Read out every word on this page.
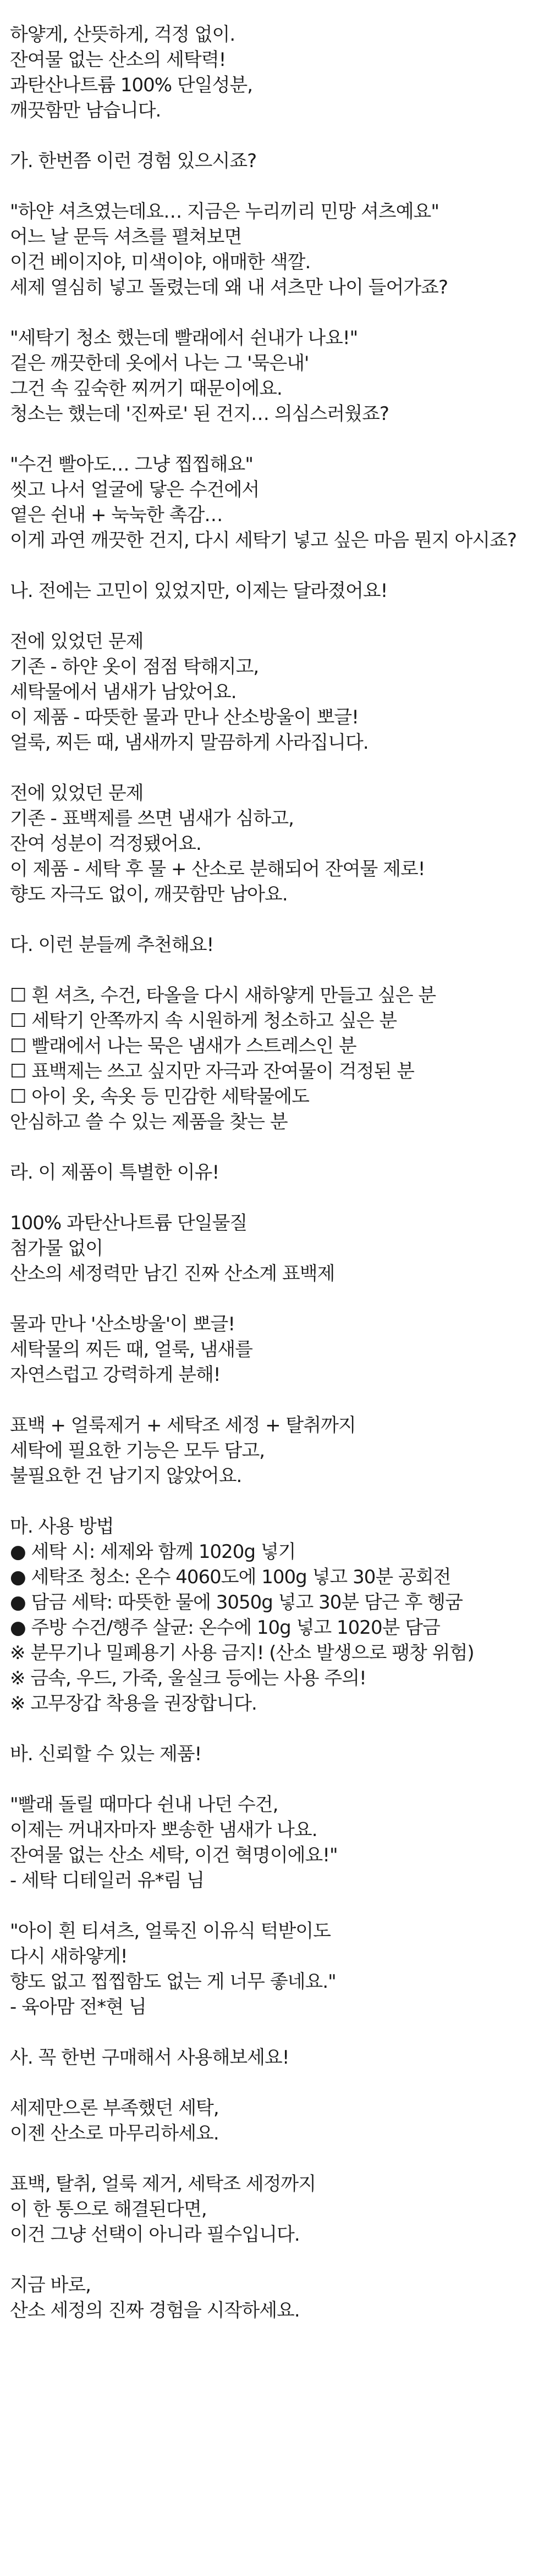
하얗게, 산뜻하게, 걱정 없이.
잔여물 없는 산소의 세탁력!
과탄산나트륨 100% 단일성분,
깨끗함만 남습니다.

가. 한번쯤 이런 경험 있으시죠?

"하얀 셔츠였는데요… 지금은 누리끼리 민망 셔츠예요"
어느 날 문득 셔츠를 펼쳐보면
이건 베이지야, 미색이야, 애매한 색깔.
세제 열심히 넣고 돌렸는데 왜 내 셔츠만 나이 들어가죠?

"세탁기 청소 했는데 빨래에서 쉰내가 나요!"
겉은 깨끗한데 옷에서 나는 그 '묵은내'
그건 속 깊숙한 찌꺼기 때문이에요.
청소는 했는데 '진짜로' 된 건지… 의심스러웠죠?

"수건 빨아도… 그냥 찝찝해요"
씻고 나서 얼굴에 닿은 수건에서
옅은 쉰내 + 눅눅한 촉감…
이게 과연 깨끗한 건지, 다시 세탁기 넣고 싶은 마음 뭔지 아시죠?

나. 전에는 고민이 있었지만, 이제는 달라졌어요!

전에 있었던 문제
기존 - 하얀 옷이 점점 탁해지고,
세탁물에서 냄새가 남았어요.
이 제품 - 따뜻한 물과 만나 산소방울이 뽀글!
얼룩, 찌든 때, 냄새까지 말끔하게 사라집니다.

전에 있었던 문제
기존 - 표백제를 쓰면 냄새가 심하고,
잔여 성분이 걱정됐어요.
이 제품 - 세탁 후 물 + 산소로 분해되어 잔여물 제로!
향도 자극도 없이, 깨끗함만 남아요.

다. 이런 분들께 추천해요!

☐ 흰 셔츠, 수건, 타올을 다시 새하얗게 만들고 싶은 분
☐ 세탁기 안쪽까지 속 시원하게 청소하고 싶은 분
☐ 빨래에서 나는 묵은 냄새가 스트레스인 분
☐ 표백제는 쓰고 싶지만 자극과 잔여물이 걱정된 분
☐ 아이 옷, 속옷 등 민감한 세탁물에도
안심하고 쓸 수 있는 제품을 찾는 분

라. 이 제품이 특별한 이유!

100% 과탄산나트륨 단일물질
첨가물 없이
산소의 세정력만 남긴 진짜 산소계 표백제

물과 만나 '산소방울'이 뽀글!
세탁물의 찌든 때, 얼룩, 냄새를
자연스럽고 강력하게 분해!

표백 + 얼룩제거 + 세탁조 세정 + 탈취까지
세탁에 필요한 기능은 모두 담고,
불필요한 건 남기지 않았어요.

마. 사용 방법
● 세탁 시: 세제와 함께 1020g 넣기
● 세탁조 청소: 온수 4060도에 100g 넣고 30분 공회전
● 담금 세탁: 따뜻한 물에 3050g 넣고 30분 담근 후 헹굼
● 주방 수건/행주 살균: 온수에 10g 넣고 1020분 담금
※ 분무기나 밀폐용기 사용 금지! (산소 발생으로 팽창 위험)
※ 금속, 우드, 가죽, 울실크 등에는 사용 주의!
※ 고무장갑 착용을 권장합니다.

바. 신뢰할 수 있는 제품!

"빨래 돌릴 때마다 쉰내 나던 수건,
이제는 꺼내자마자 뽀송한 냄새가 나요.
잔여물 없는 산소 세탁, 이건 혁명이에요!"
- 세탁 디테일러 유*림 님

"아이 흰 티셔츠, 얼룩진 이유식 턱받이도
다시 새하얗게!
향도 없고 찝찝함도 없는 게 너무 좋네요."
- 육아맘 전*현 님

사. 꼭 한번 구매해서 사용해보세요!

세제만으론 부족했던 세탁,
이젠 산소로 마무리하세요.

표백, 탈취, 얼룩 제거, 세탁조 세정까지
이 한 통으로 해결된다면,
이건 그냥 선택이 아니라 필수입니다.

지금 바로,
산소 세정의 진짜 경험을 시작하세요.
